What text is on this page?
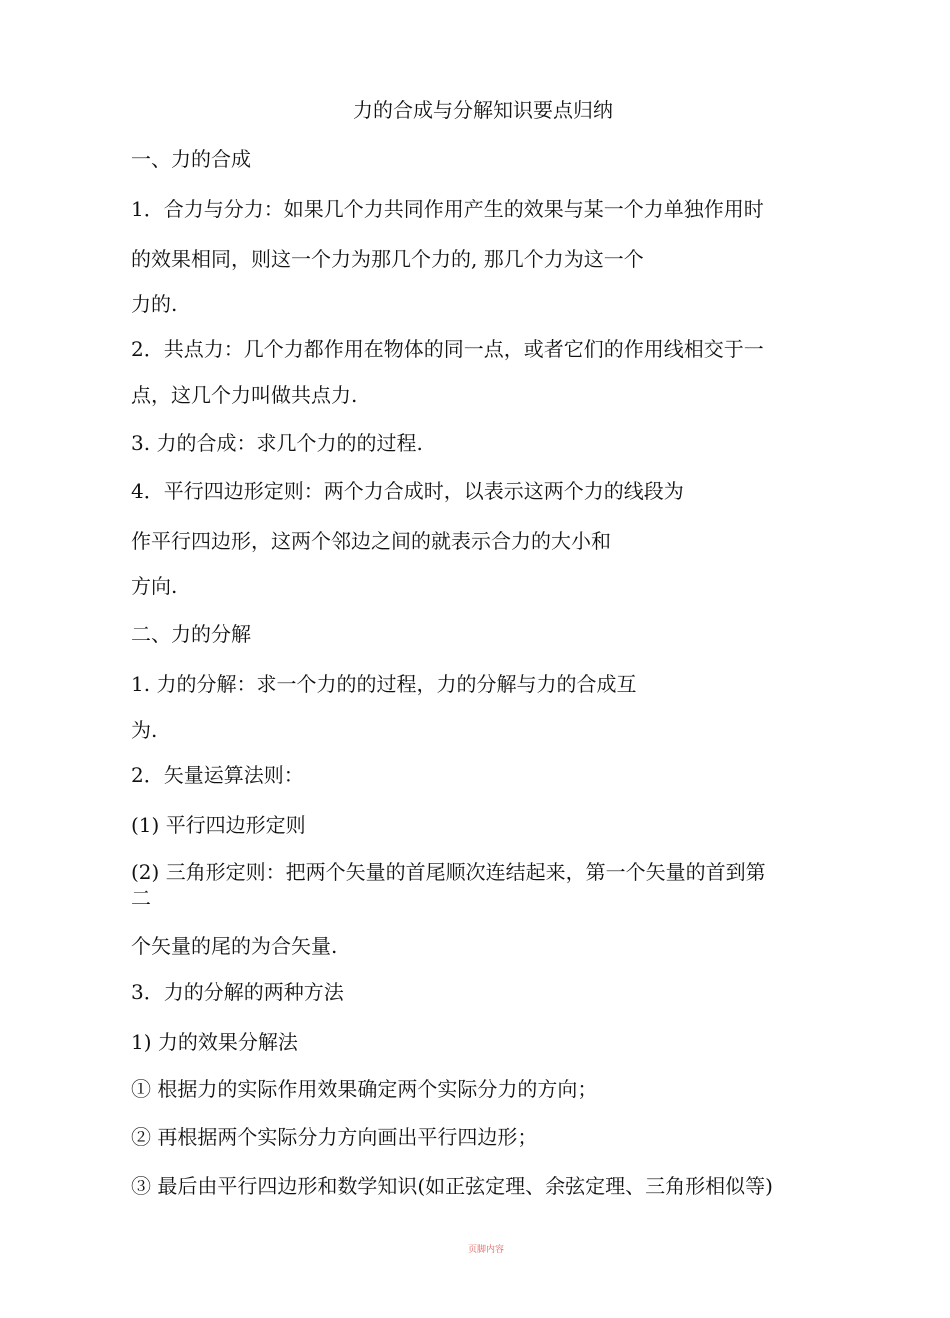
力的合成与分解知识要点归纳
一、力的合成
1．合力与分力：如果几个力共同作用产生的效果与某一个力单独作用时
的效果相同，则这一个力为那几个力的, 那几个力为这一个
力的.
2．共点力：几个力都作用在物体的同一点，或者它们的作用线相交于一
点，这几个力叫做共点力.
3. 力的合成：求几个力的的过程.
4．平行四边形定则：两个力合成时，以表示这两个力的线段为
作平行四边形，这两个邻边之间的就表示合力的大小和
方向.
二、力的分解
1. 力的分解：求一个力的的过程，力的分解与力的合成互
为.
2．矢量运算法则：
(1) 平行四边形定则
(2) 三角形定则：把两个矢量的首尾顺次连结起来，第一个矢量的首到第
二
个矢量的尾的为合矢量.
3．力的分解的两种方法
1) 力的效果分解法
① 根据力的实际作用效果确定两个实际分力的方向；
② 再根据两个实际分力方向画出平行四边形；
③ 最后由平行四边形和数学知识(如正弦定理、余弦定理、三角形相似等)
页脚内容
